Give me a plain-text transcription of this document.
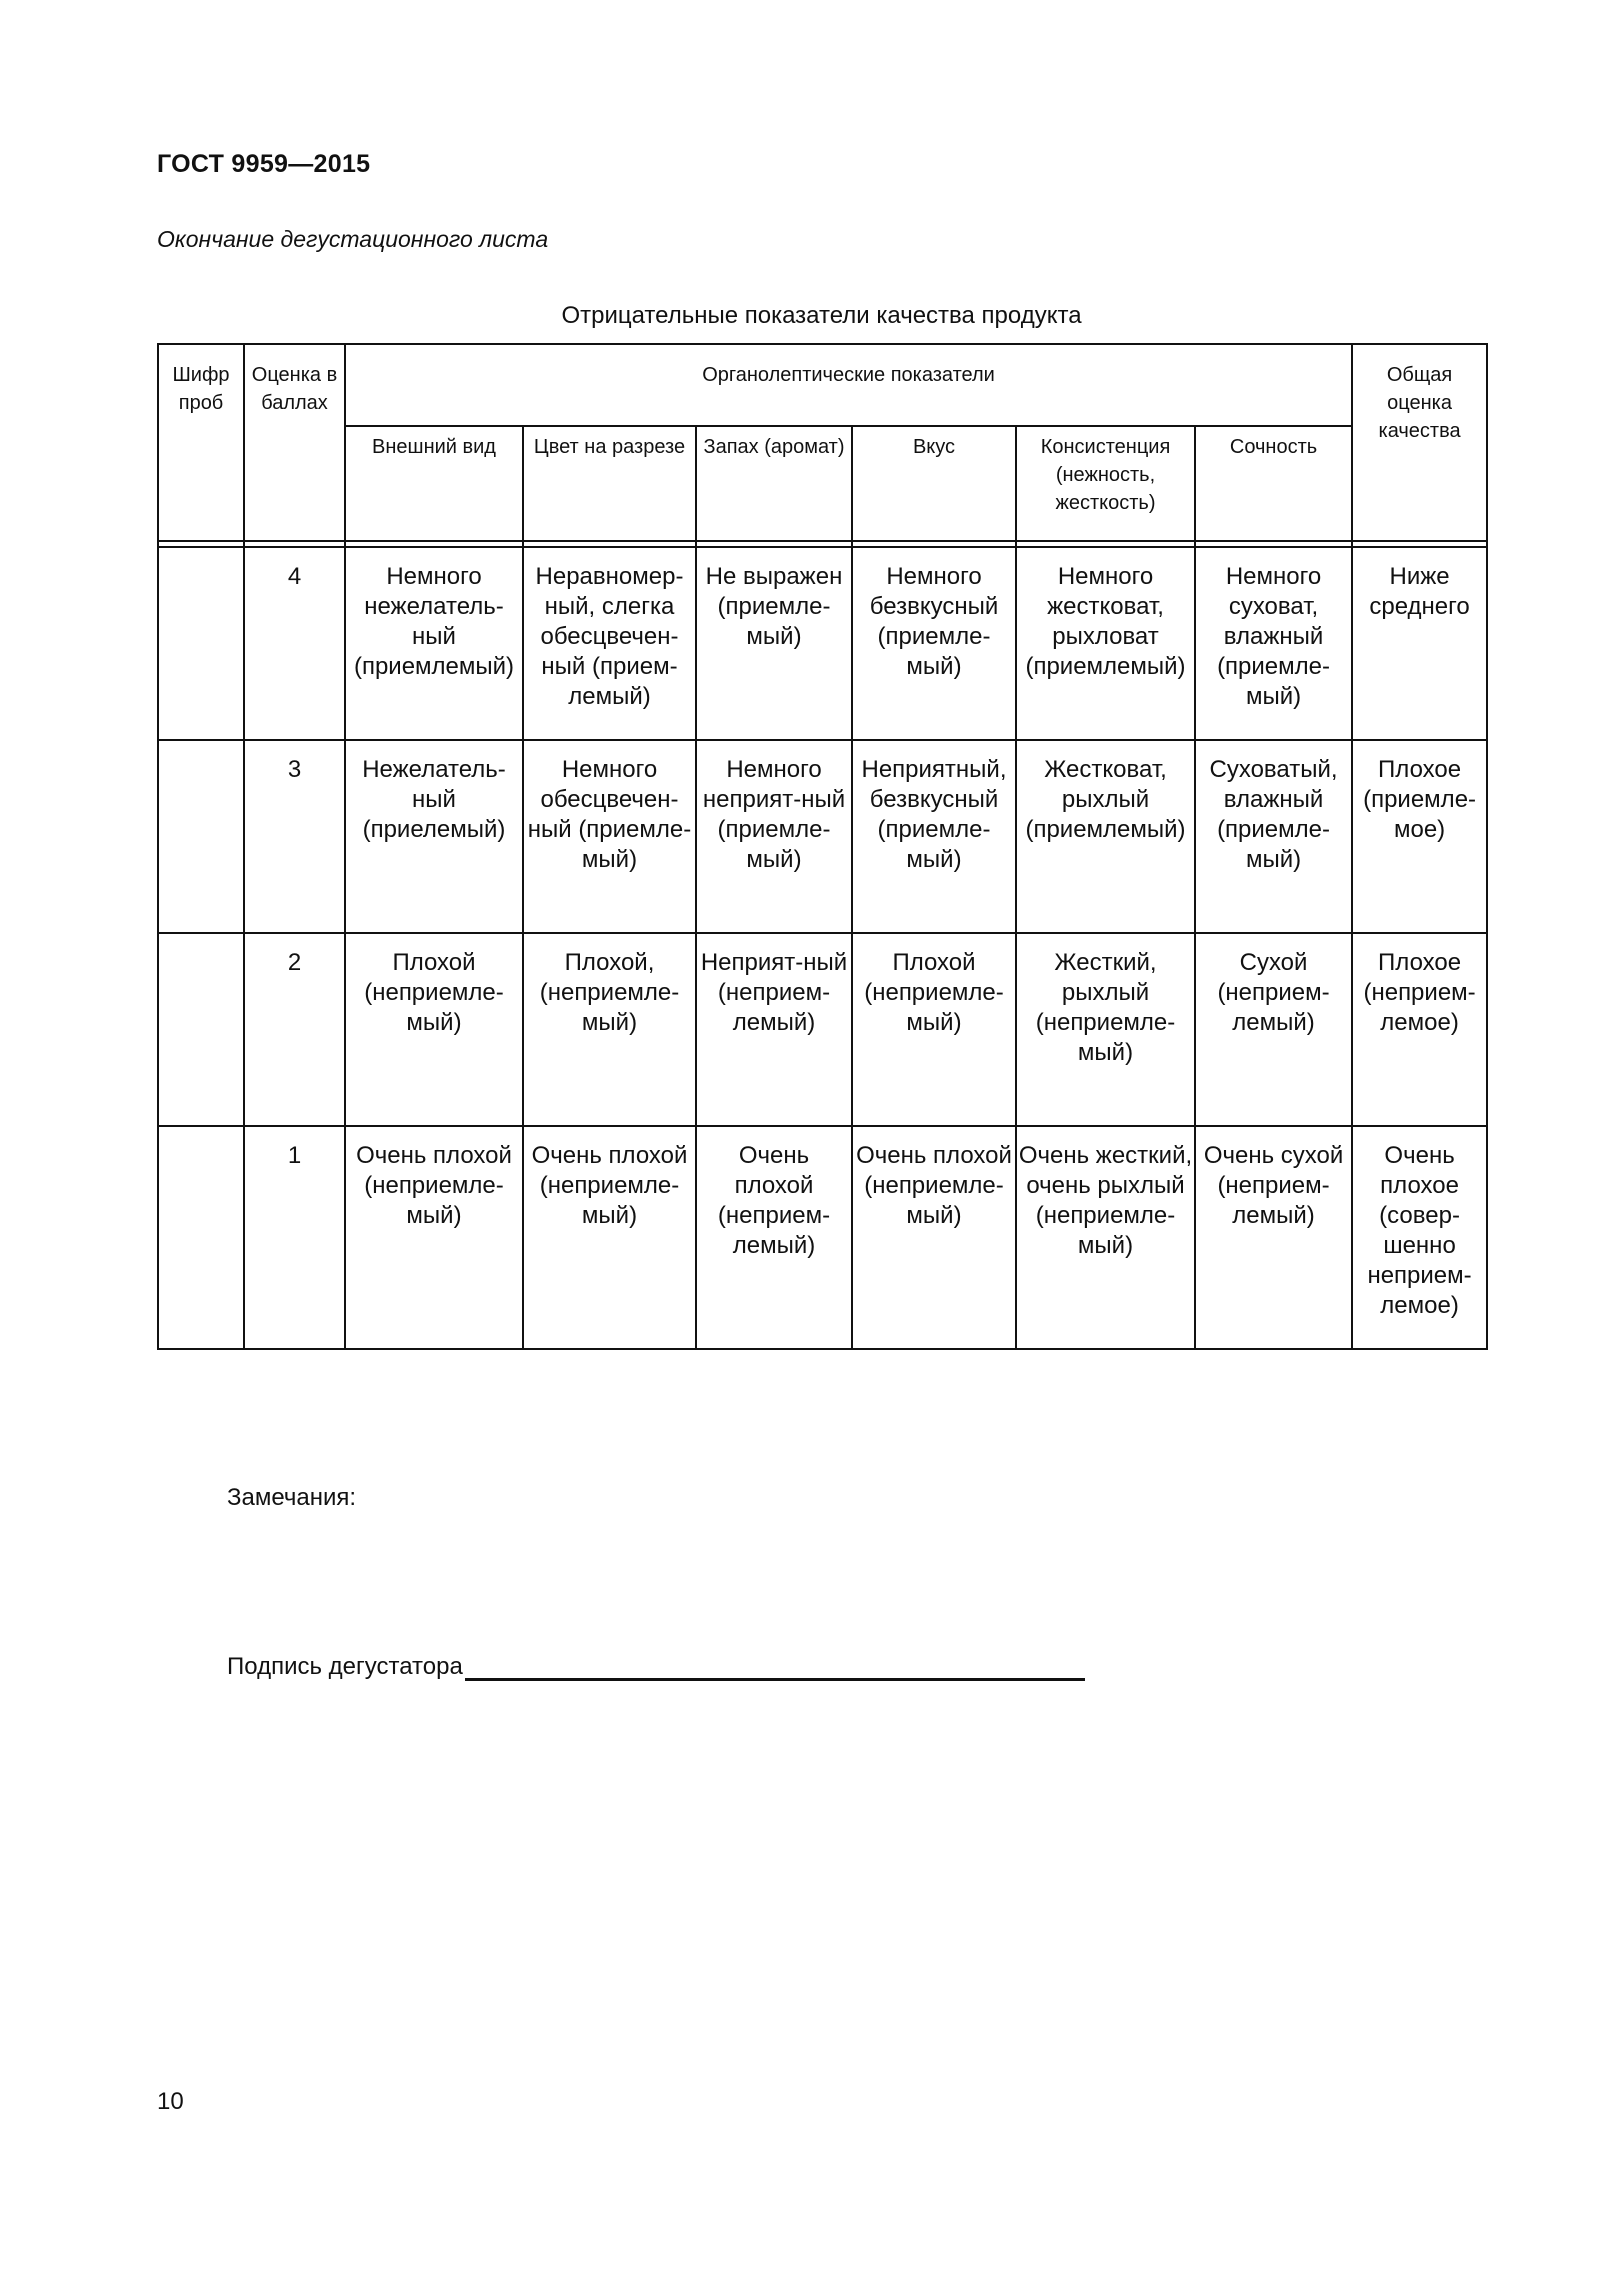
ГОСТ 9959—2015
Окончание дегустационного листа
Отрицательные показатели качества продукта
Шифр проб	Оценка в баллах	Органолептические показатели						Общая оценка качества
		Внешний вид	Цвет на разрезе	Запах (аромат)	Вкус	Консистенция (нежность, жесткость)	Сочность	

	4	Немного нежелатель-ный (приемлемый)	Неравномер-ный, слегка обесцвечен-ный (прием-лемый)	Не выражен (приемле-мый)	Немного безвкусный (приемле-мый)	Немного жестковат, рыхловат (приемлемый)	Немного суховат, влажный (приемле-мый)	Ниже среднего
	3	Нежелатель-ный (приелемый)	Немного обесцвечен-ный (приемле-мый)	Немного неприят-ный (приемле-мый)	Неприятный, безвкусный (приемле-мый)	Жестковат, рыхлый (приемлемый)	Суховатый, влажный (приемле-мый)	Плохое (приемле-мое)
	2	Плохой (неприемле-мый)	Плохой, (неприемле-мый)	Неприят-ный (неприем-лемый)	Плохой (неприемле-мый)	Жесткий, рыхлый (неприемле-мый)	Сухой (неприем-лемый)	Плохое (неприем-лемое)
	1	Очень плохой (неприемле-мый)	Очень плохой (неприемле-мый)	Очень плохой (неприем-лемый)	Очень плохой (неприемле-мый)	Очень жесткий, очень рыхлый (неприемле-мый)	Очень сухой (неприем-лемый)	Очень плохое (совер-шенно неприем-лемое)
Замечания:
Подпись дегустатора
10
